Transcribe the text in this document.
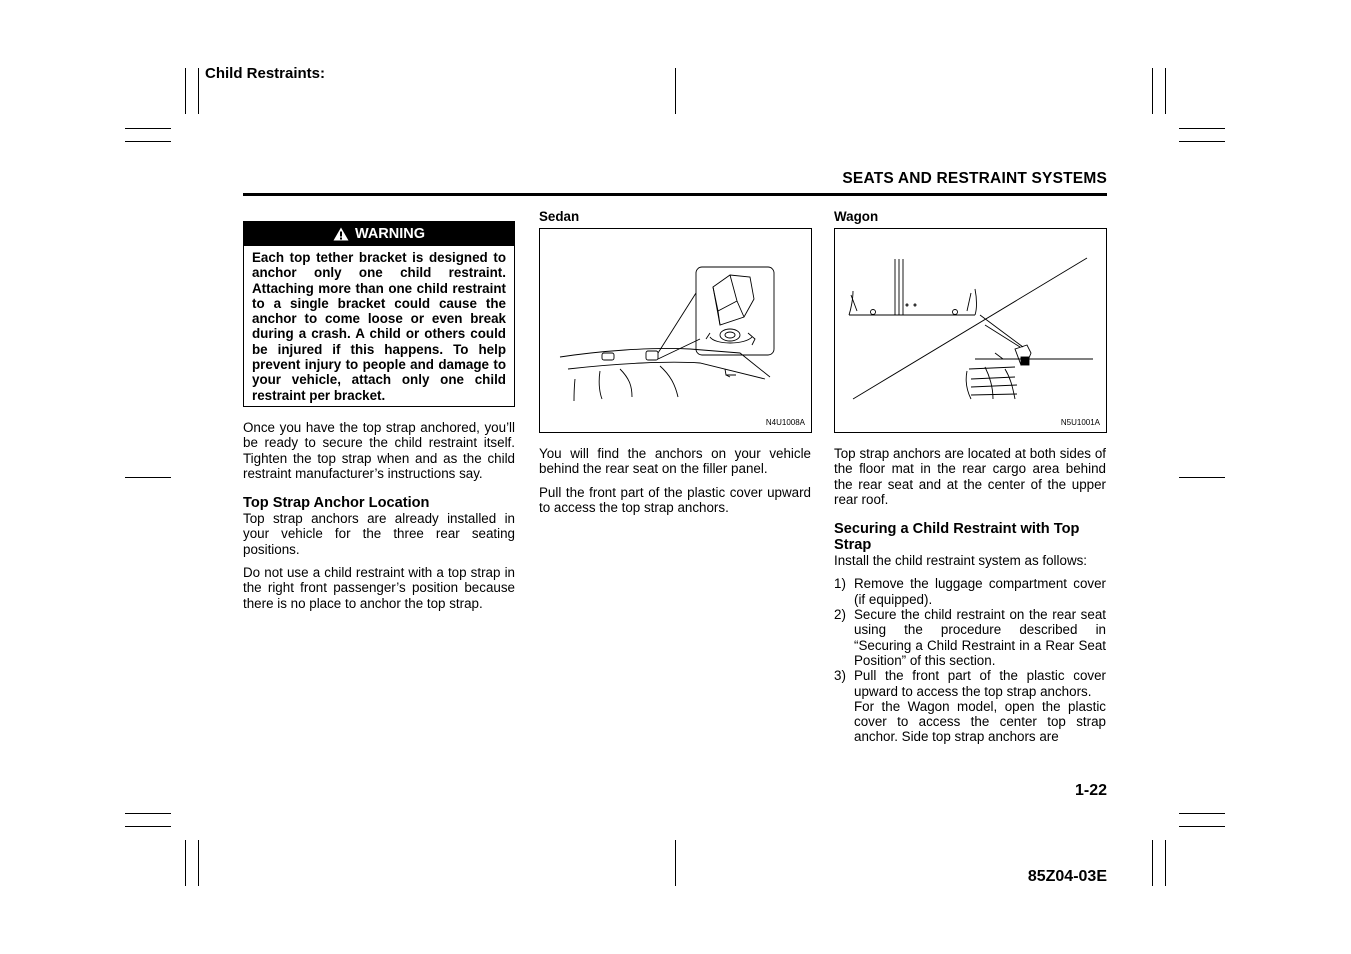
Child Restraints:
SEATS AND RESTRAINT SYSTEMS
WARNING
Each top tether bracket is designed to anchor only one child restraint. Attaching more than one child restraint to a single bracket could cause the anchor to come loose or even break during a crash. A child or others could be injured if this happens. To help prevent injury to people and damage to your vehicle, attach only one child restraint per bracket.

Once you have the top strap anchored, you’ll be ready to secure the child restraint itself. Tighten the top strap when and as the child restraint manufacturer’s instructions say.

Top Strap Anchor Location

Top strap anchors are already installed in your vehicle for the three rear seating positions.

Do not use a child restraint with a top strap in the right front passenger’s position because there is no place to anchor the top strap.

Sedan
N4U1008A

You will find the anchors on your vehicle behind the rear seat on the filler panel.

Pull the front part of the plastic cover upward to access the top strap anchors.

Wagon
N5U1001A

Top strap anchors are located at both sides of the floor mat in the rear cargo area behind the rear seat and at the center of the upper rear roof.

Securing a Child Restraint with Top Strap

Install the child restraint system as follows:

1) Remove the luggage compartment cover (if equipped).
2) Secure the child restraint on the rear seat using the procedure described in “Securing a Child Restraint in a Rear Seat Position” of this section.
3) Pull the front part of the plastic cover upward to access the top strap anchors.
For the Wagon model, open the plastic cover to access the center top strap anchor. Side top strap anchors are
1-22
85Z04-03E
